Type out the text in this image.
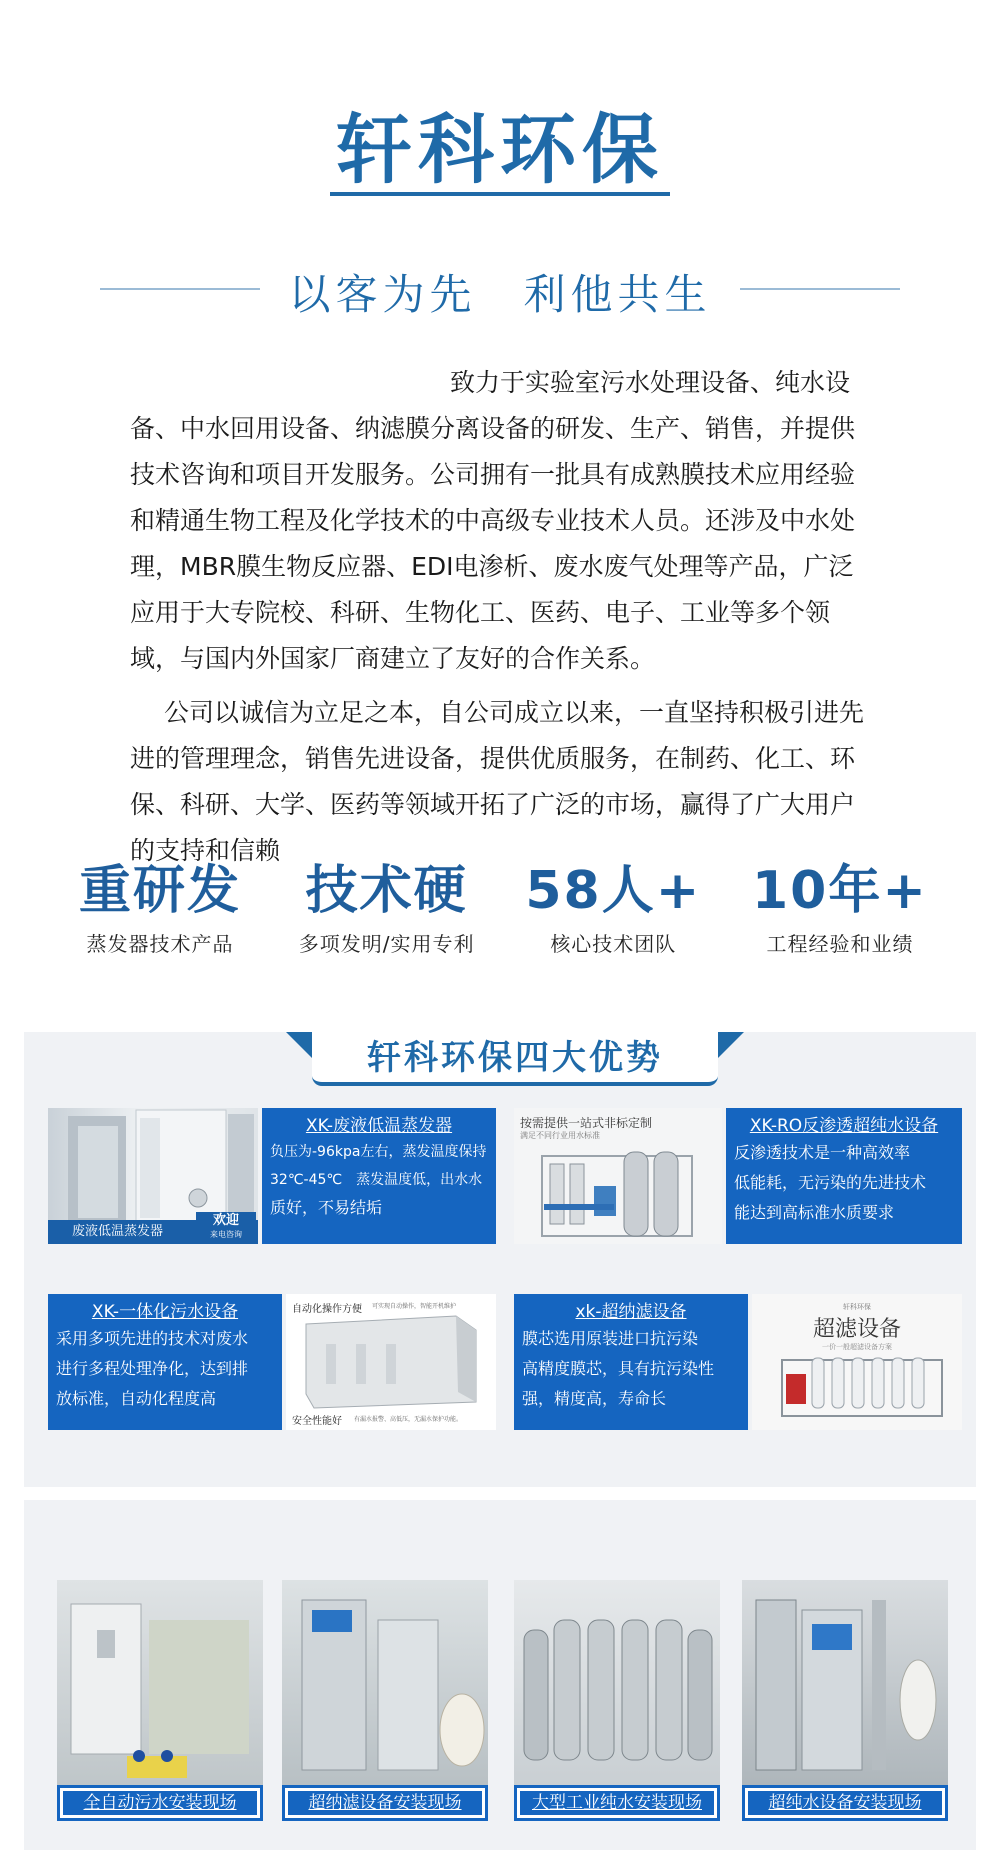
轩科环保
以客为先　利他共生

致力于实验室污水处理设备、纯水设备、中水回用设备、纳滤膜分离设备的研发、生产、销售，并提供技术咨询和项目开发服务。公司拥有一批具有成熟膜技术应用经验和精通生物工程及化学技术的中高级专业技术人员。还涉及中水处理，MBR膜生物反应器、EDI电渗析、废水废气处理等产品，广泛应用于大专院校、科研、生物化工、医药、电子、工业等多个领域，与国内外国家厂商建立了友好的合作关系。

公司以诚信为立足之本，自公司成立以来，一直坚持积极引进先进的管理理念，销售先进设备，提供优质服务，在制药、化工、环保、科研、大学、医药等领域开拓了广泛的市场，赢得了广大用户的支持和信赖

重研发
蒸发器技术产品
技术硬
多项发明/实用专利
58人+
核心技术团队
10年+
工程经验和业绩
轩科环保四大优势
废液低温蒸发器
欢迎
来电咨询
XK-废液低温蒸发器
负压为-96kpa左右，蒸发温度保持
32℃-45℃　蒸发温度低，出水水
质好，不易结垢
按需提供一站式非标定制
满足不同行业用水标准	XK-RO反渗透超纯水设备
反渗透技术是一种高效率
低能耗，无污染的先进技术
能达到高标准水质要求
XK-一体化污水设备
采用多项先进的技术对废水
进行多程处理净化，达到排
放标准，自动化程度高
自动化操作方便 可实现自动操作，智能开机维护
安全性能好 有漏水报警、高低压，无漏水保护功能。
xk-超纳滤设备
膜芯选用原装进口抗污染
高精度膜芯，具有抗污染性
强，精度高，寿命长
轩科环保
超滤设备
一价一般超滤设备方案
全自动污水安装现场	超纳滤设备安装现场	大型工业纯水安装现场	超纯水设备安装现场
